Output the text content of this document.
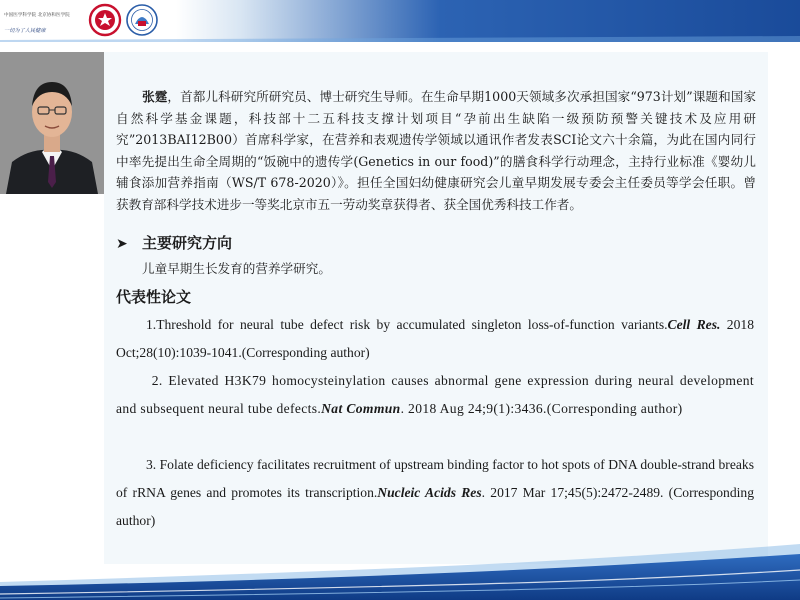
中国医学科学院 北京协和医学院
一切为了人民健康
张霆，首都儿科研究所研究员、博士研究生导师。在生命早期1000天领域多次承担国家“973计划”课题和国家自然科学基金课题，科技部十二五科技支撑计划项目“孕前出生缺陷一级预防预警关键技术及应用研究”2013BAI12B00）首席科学家，在营养和表观遗传学领域以通讯作者发表SCI论文六十余篇，为此在国内同行中率先提出生命全周期的“饭碗中的遗传学(Genetics in our food)”的膳食科学行动理念，主持行业标准《婴幼儿辅食添加营养指南（WS/T 678-2020）》。担任全国妇幼健康研究会儿童早期发展专委会主任委员等学会任职。曾获教育部科学技术进步一等奖北京市五一劳动奖章获得者、获全国优秀科技工作者。
➤ 主要研究方向
儿童早期生长发育的营养学研究。
代表性论文
1.Threshold for neural tube defect risk by accumulated singleton loss-of-function variants.Cell Res. 2018 Oct;28(10):1039-1041.(Corresponding author)
2. Elevated H3K79 homocysteinylation causes abnormal gene expression during neural development and subsequent neural tube defects.Nat Commun. 2018 Aug 24;9(1):3436.(Corresponding author)
3. Folate deficiency facilitates recruitment of upstream binding factor to hot spots of DNA double-strand breaks of rRNA genes and promotes its transcription.Nucleic Acids Res. 2017 Mar 17;45(5):2472-2489. (Corresponding author)
